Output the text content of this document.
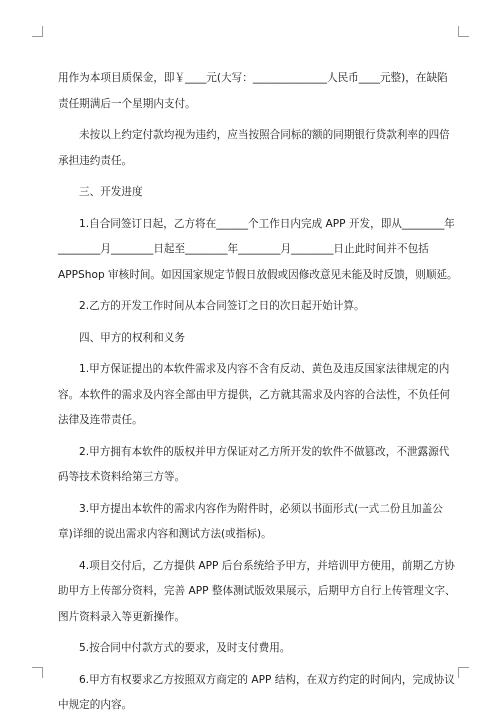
用作为本项目质保金，即￥____元(大写：______________人民币____元整)，在缺陷

责任期满后一个星期内支付。

未按以上约定付款均视为违约，应当按照合同标的额的同期银行贷款利率的四倍

承担违约责任。

三、开发进度

1.自合同签订日起，乙方将在______个工作日内完成 APP 开发，即从________年

________月________日起至________年________月________日止此时间并不包括

APPShop 审核时间。如因国家规定节假日放假或因修改意见未能及时反馈，则顺延。

2.乙方的开发工作时间从本合同签订之日的次日起开始计算。

四、甲方的权利和义务

1.甲方保证提出的本软件需求及内容不含有反动、黄色及违反国家法律规定的内

容。本软件的需求及内容全部由甲方提供，乙方就其需求及内容的合法性，不负任何

法律及连带责任。

2.甲方拥有本软件的版权并甲方保证对乙方所开发的软件不做篡改，不泄露源代

码等技术资料给第三方等。

3.甲方提出本软件的需求内容作为附件时，必须以书面形式(一式二份且加盖公

章)详细的说出需求内容和测试方法(或指标)。

4.项目交付后，乙方提供 APP 后台系统给予甲方，并培训甲方使用，前期乙方协

助甲方上传部分资料，完善 APP 整体测试版效果展示，后期甲方自行上传管理文字、

图片资料录入等更新操作。

5.按合同中付款方式的要求，及时支付费用。

6.甲方有权要求乙方按照双方商定的 APP 结构，在双方约定的时间内，完成协议

中规定的内容。
